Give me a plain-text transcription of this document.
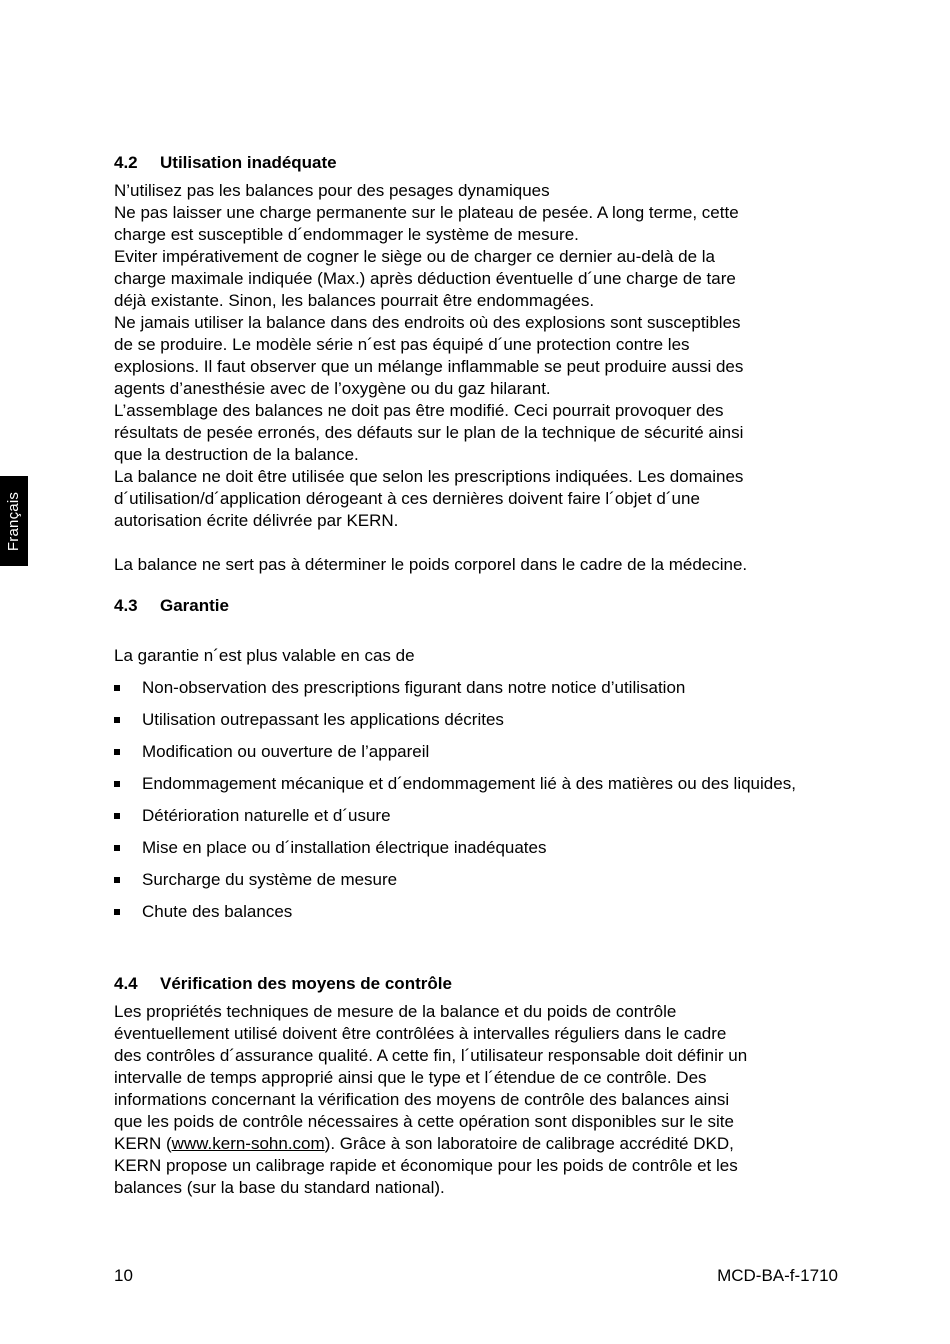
Français
4.2	Utilisation inadéquate

N’utilisez pas les balances pour des pesages dynamiques

Ne pas laisser une charge permanente sur le plateau de pesée. A long terme, cette

charge est susceptible d´endommager le système de mesure.

Eviter impérativement de cogner le siège ou de charger ce dernier au-delà de la

charge maximale indiquée (Max.) après déduction éventuelle d´une charge de tare

déjà existante. Sinon, les balances pourrait être endommagées.

Ne jamais utiliser la balance dans des endroits où des explosions sont susceptibles

de se produire. Le modèle série n´est pas équipé d´une protection contre les

explosions. Il faut observer que un mélange inflammable se peut produire aussi des

agents d’anesthésie avec de l’oxygène ou du gaz hilarant.

L’assemblage des balances ne doit pas être modifié. Ceci pourrait provoquer des

résultats de pesée erronés, des défauts sur le plan de la technique de sécurité ainsi

que la destruction de la balance.

La balance ne doit être utilisée que selon les prescriptions indiquées. Les domaines

d´utilisation/d´application dérogeant à ces dernières doivent faire l´objet d´une

autorisation écrite délivrée par KERN.

La balance ne sert pas à déterminer le poids corporel dans le cadre de la médecine.

4.3	Garantie

La garantie n´est plus valable en cas de

Non-observation des prescriptions figurant dans notre notice d’utilisation
Utilisation outrepassant les applications décrites
Modification ou ouverture de l’appareil
Endommagement mécanique et d´endommagement lié à des matières ou des liquides,
Détérioration naturelle et d´usure
Mise en place ou d´installation électrique inadéquates
Surcharge du système de mesure
Chute des balances
4.4	Vérification des moyens de contrôle

Les propriétés techniques de mesure de la balance et du poids de contrôle

éventuellement utilisé doivent être contrôlées à intervalles réguliers dans le cadre

des contrôles d´assurance qualité. A cette fin, l´utilisateur responsable doit définir un

intervalle de temps approprié ainsi que le type et l´étendue de ce contrôle. Des

informations concernant la vérification des moyens de contrôle des balances ainsi

que les poids de contrôle nécessaires à cette opération sont disponibles sur le site

KERN (www.kern-sohn.com). Grâce à son laboratoire de calibrage accrédité DKD,

KERN propose un calibrage rapide et économique pour les poids de contrôle et les

balances (sur la base du standard national).

10	MCD-BA-f-1710
